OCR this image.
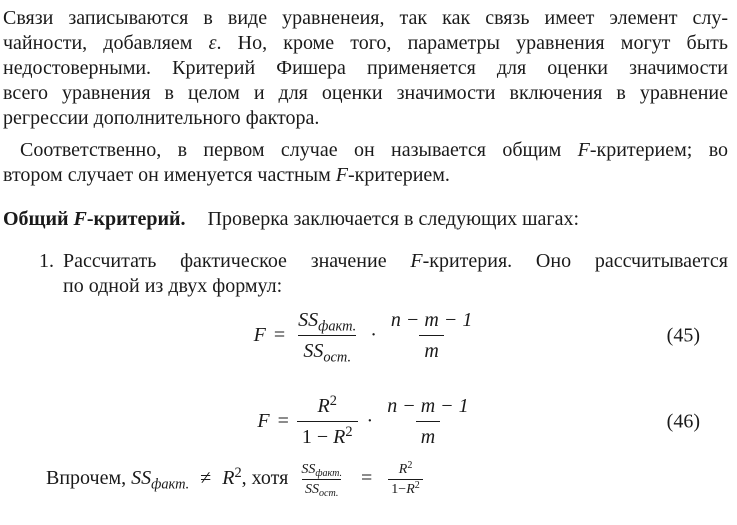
Связи записываются в виде уравненеия, так как связь имеет элемент слу-
чайности, добавляем ε. Но, кроме того, параметры уравнения могут быть
недостоверными. Критерий Фишера применяется для оценки значимости
всего уравнения в целом и для оценки значимости включения в уравнение
регрессии дополнительного фактора.
Соответственно, в первом случае он называется общим F-критерием; во
втором случает он именуется частным F-критерием.
Общий F-критерий. Проверка заключается в следующих шагах:
1. Рассчитать фактическое значение F-критерия. Оно рассчитывается
по одной из двух формул:
$F = \frac{SS_{факт.}}{SS_{ост.}} \cdot \frac{n - m - 1}{m}$	(45)
$F = \frac{R^2}{1 - R^2} \cdot \frac{n - m - 1}{m}$	(46)
Впрочем, $SS_{факт.} \ne R^2$, хотя $\frac{SS_{факт.}}{SS_{ост.}} = \frac{R^2}{1-R^2}$
